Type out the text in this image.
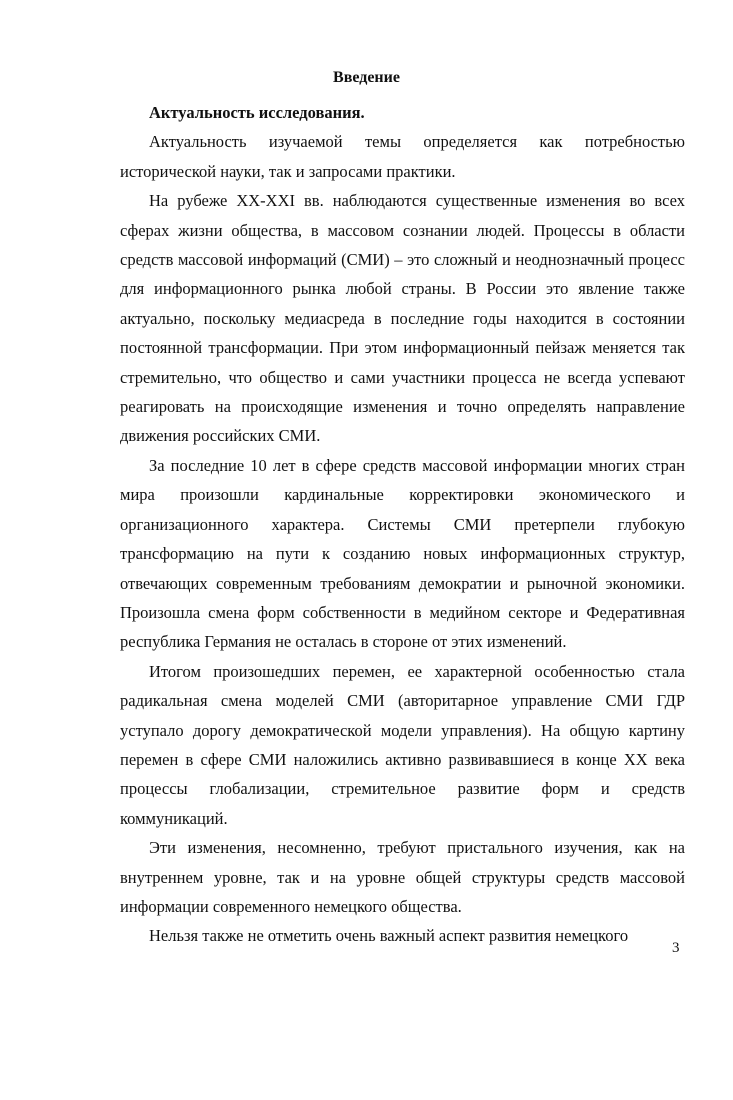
Введение

Актуальность исследования.

Актуальность изучаемой темы определяется как потребностью исторической науки, так и запросами практики.

На рубеже XX-XXI вв. наблюдаются существенные изменения во всех сферах жизни общества, в массовом сознании людей. Процессы в области средств массовой информаций (СМИ) – это сложный и неоднозначный процесс для информационного рынка любой страны. В России это явление также актуально, поскольку медиасреда в последние годы находится в состоянии постоянной трансформации. При этом информационный пейзаж меняется так стремительно, что общество и сами участники процесса не всегда успевают реагировать на происходящие изменения и точно определять направление движения российских СМИ.

За последние 10 лет в сфере средств массовой информации многих стран мира произошли кардинальные корректировки экономического и организационного характера. Системы СМИ претерпели глубокую трансформацию на пути к созданию новых информационных структур, отвечающих современным требованиям демократии и рыночной экономики. Произошла смена форм собственности в медийном секторе и Федеративная республика Германия не осталась в стороне от этих изменений.

Итогом произошедших перемен, ее характерной особенностью стала радикальная смена моделей СМИ (авторитарное управление СМИ ГДР уступало дорогу демократической модели управления). На общую картину перемен в сфере СМИ наложились активно развивавшиеся в конце XX века процессы глобализации, стремительное развитие форм и средств коммуникаций.

Эти изменения, несомненно, требуют пристального изучения, как на внутреннем уровне, так и на уровне общей структуры средств массовой информации современного немецкого общества.

Нельзя также не отметить очень важный аспект развития немецкого

3
